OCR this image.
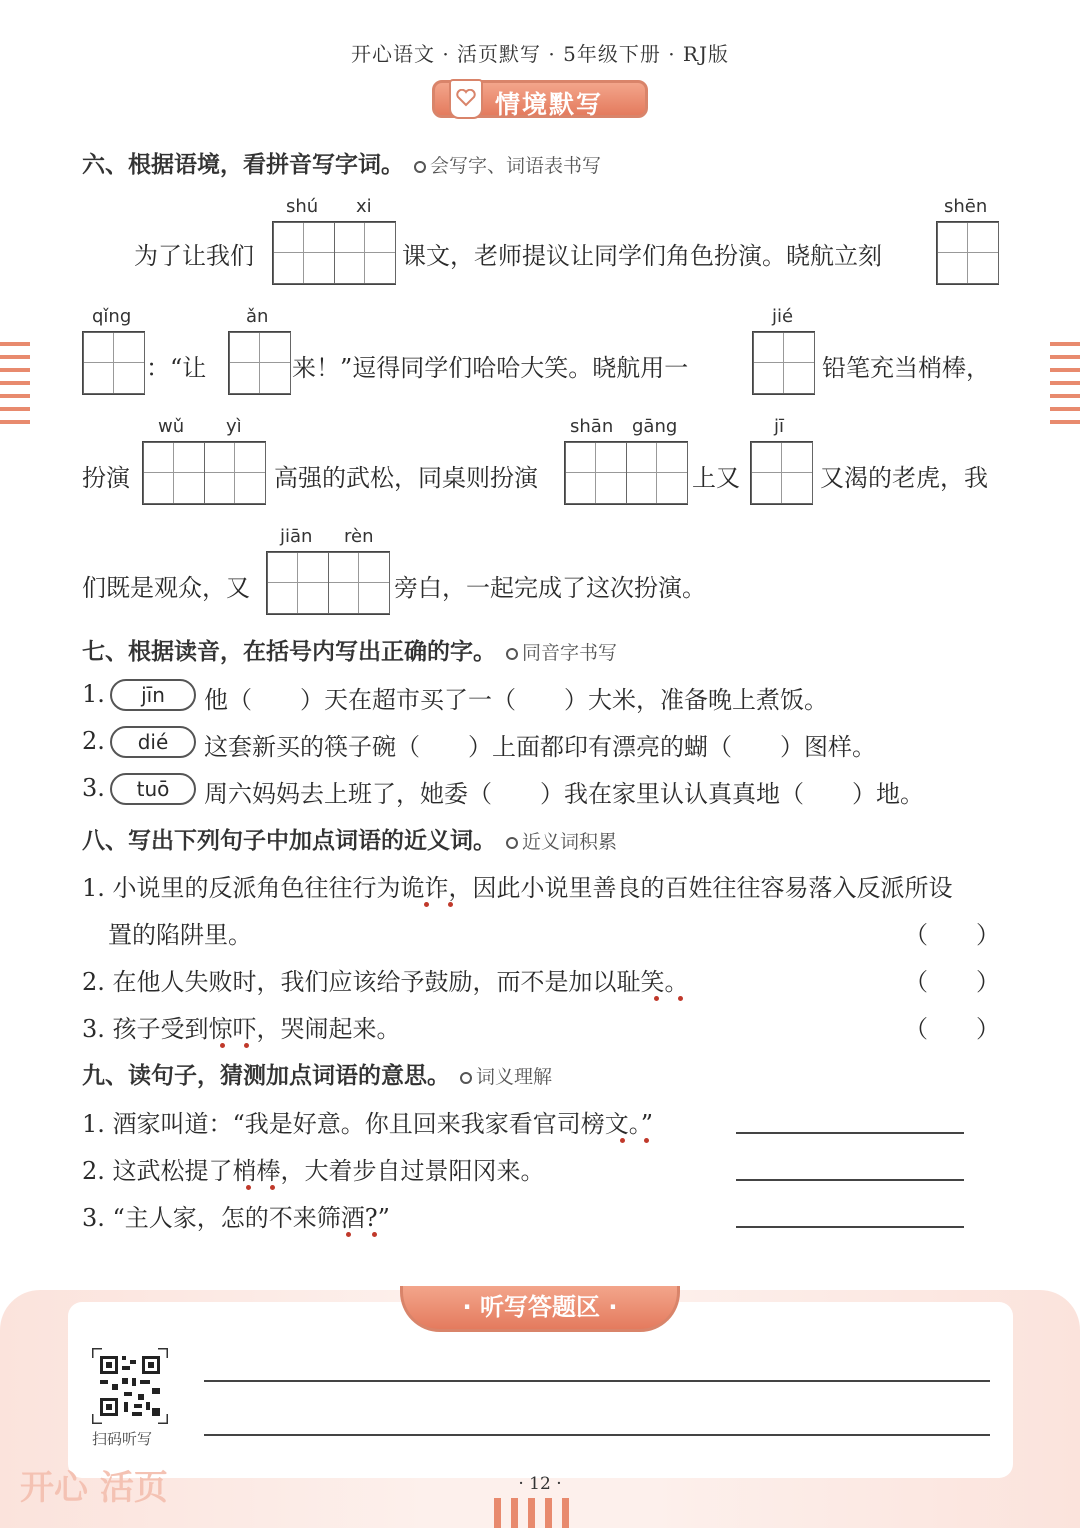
开心语文 · 活页默写 · 5年级下册 · RJ版
情境默写
六、根据语境，看拼音写字词。 会写字、词语表书写
shú xi	shēn
为了让我们	课文，老师提议让同学们角色扮演。晓航立刻
qǐng	ǎn	jié
：“让	来！”逗得同学们哈哈大笑。晓航用一	铅笔充当梢棒，
wǔ yì	shān gāng	jī
扮演	高强的武松，同桌则扮演	上又	又渴的老虎，我
jiān rèn
们既是观众，又	旁白，一起完成了这次扮演。
七、根据读音，在括号内写出正确的字。 同音字书写
1.	jīn	他（　　）天在超市买了一（　　）大米，准备晚上煮饭。
2.	dié	这套新买的筷子碗（　　）上面都印有漂亮的蝴（　　）图样。
3.	tuō	周六妈妈去上班了，她委（　　）我在家里认认真真地（　　）地。
八、写出下列句子中加点词语的近义词。 近义词积累
1. 小说里的反派角色往往行为诡诈，因此小说里善良的百姓往往容易落入反派所设
置的陷阱里。	（　　）
2. 在他人失败时，我们应该给予鼓励，而不是加以耻笑。	（　　）
3. 孩子受到惊吓，哭闹起来。	（　　）
九、读句子，猜测加点词语的意思。 词义理解
1. 酒家叫道：“我是好意。你且回来我家看官司榜文。”
2. 这武松提了梢棒，大着步自过景阳冈来。
3. “主人家，怎的不来筛酒?”
· 听写答题区 ·
扫码听写
开心 活页	· 12 ·
